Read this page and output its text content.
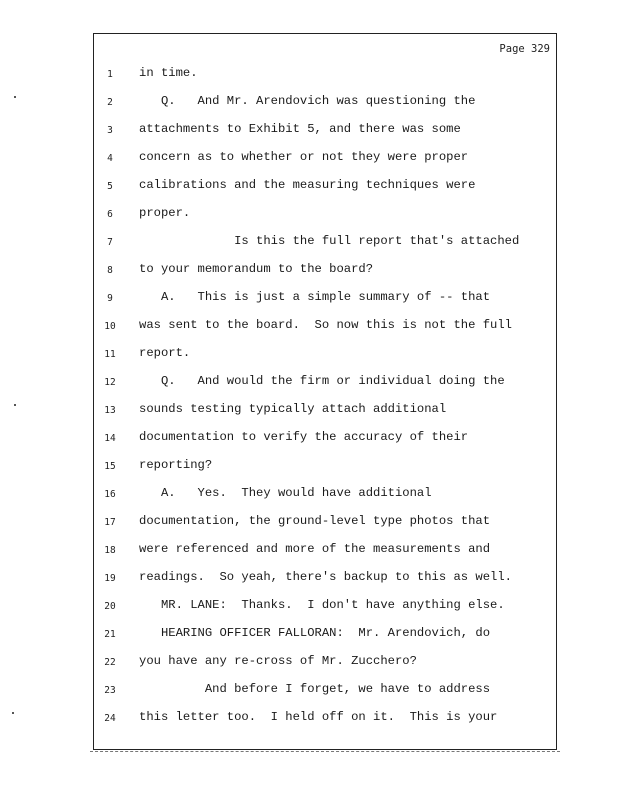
Page 329
1	in time.
2	Q.   And Mr. Arendovich was questioning the
3	attachments to Exhibit 5, and there was some
4	concern as to whether or not they were proper
5	calibrations and the measuring techniques were
6	proper.
7	Is this the full report that's attached
8	to your memorandum to the board?
9	A.   This is just a simple summary of -- that
10	was sent to the board.  So now this is not the full
11	report.
12	Q.   And would the firm or individual doing the
13	sounds testing typically attach additional
14	documentation to verify the accuracy of their
15	reporting?
16	A.   Yes.  They would have additional
17	documentation, the ground-level type photos that
18	were referenced and more of the measurements and
19	readings.  So yeah, there's backup to this as well.
20	MR. LANE:  Thanks.  I don't have anything else.
21	HEARING OFFICER FALLORAN:  Mr. Arendovich, do
22	you have any re-cross of Mr. Zucchero?
23	And before I forget, we have to address
24	this letter too.  I held off on it.  This is your
